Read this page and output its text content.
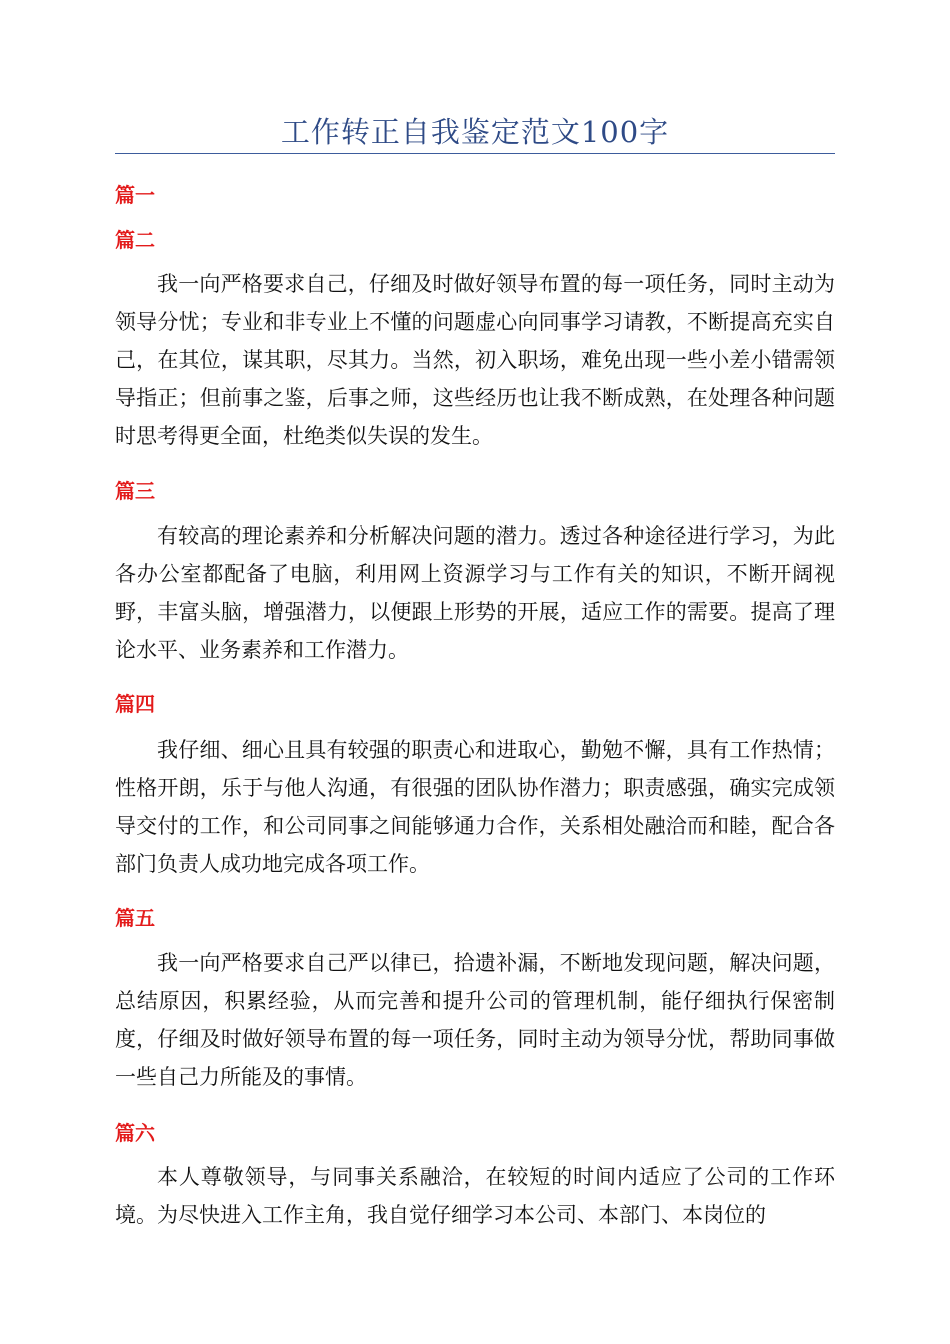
工作转正自我鉴定范文100字
篇一
篇二

我一向严格要求自己，仔细及时做好领导布置的每一项任务，同时主动为领导分忧；专业和非专业上不懂的问题虚心向同事学习请教，不断提高充实自己，在其位，谋其职，尽其力。当然，初入职场，难免出现一些小差小错需领导指正；但前事之鉴，后事之师，这些经历也让我不断成熟，在处理各种问题时思考得更全面，杜绝类似失误的发生。

篇三

有较高的理论素养和分析解决问题的潜力。透过各种途径进行学习，为此各办公室都配备了电脑，利用网上资源学习与工作有关的知识，不断开阔视野，丰富头脑，增强潜力，以便跟上形势的开展，适应工作的需要。提高了理论水平、业务素养和工作潜力。

篇四

我仔细、细心且具有较强的职责心和进取心，勤勉不懈，具有工作热情；性格开朗，乐于与他人沟通，有很强的团队协作潜力；职责感强，确实完成领导交付的工作，和公司同事之间能够通力合作，关系相处融洽而和睦，配合各部门负责人成功地完成各项工作。

篇五

我一向严格要求自己严以律已，拾遗补漏，不断地发现问题，解决问题，总结原因，积累经验，从而完善和提升公司的管理机制，能仔细执行保密制度，仔细及时做好领导布置的每一项任务，同时主动为领导分忧，帮助同事做一些自己力所能及的事情。

篇六

本人尊敬领导，与同事关系融洽，在较短的时间内适应了公司的工作环境。为尽快进入工作主角，我自觉仔细学习本公司、本部门、本岗位的
